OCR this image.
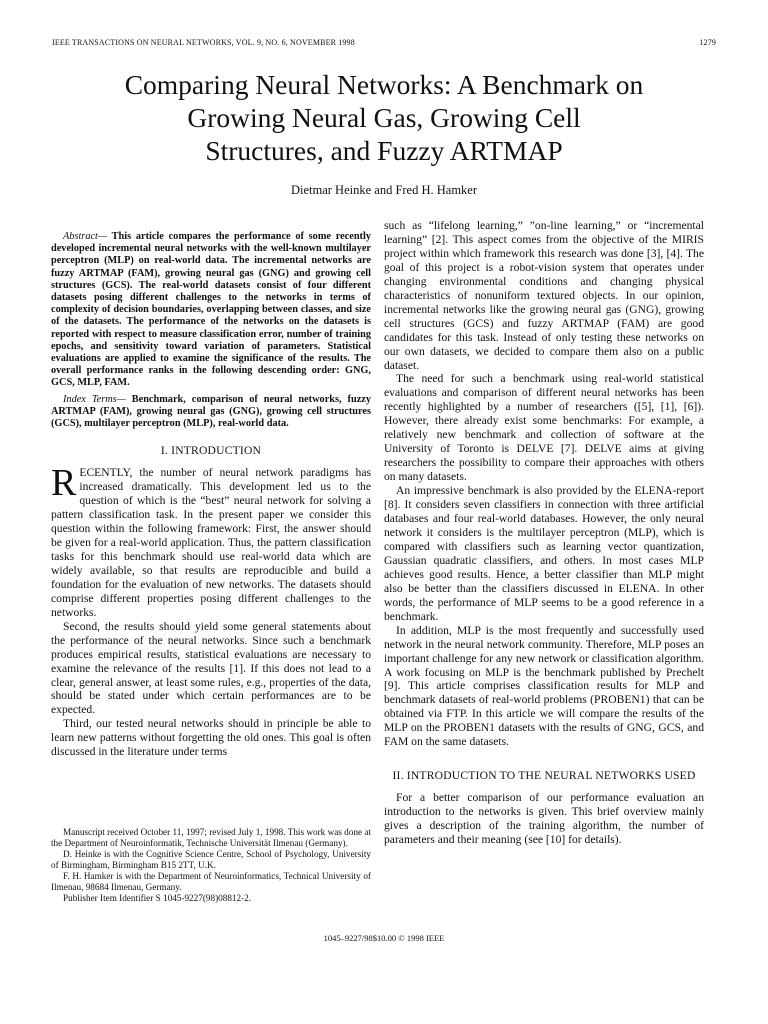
IEEE TRANSACTIONS ON NEURAL NETWORKS, VOL. 9, NO. 6, NOVEMBER 1998	1279
Comparing Neural Networks: A Benchmark on
Growing Neural Gas, Growing Cell
Structures, and Fuzzy ARTMAP
Dietmar Heinke and Fred H. Hamker

Abstract— This article compares the performance of some recently developed incremental neural networks with the well-known multilayer perceptron (MLP) on real-world data. The incremental networks are fuzzy ARTMAP (FAM), growing neural gas (GNG) and growing cell structures (GCS). The real-world datasets consist of four different datasets posing different challenges to the networks in terms of complexity of decision boundaries, overlapping between classes, and size of the datasets. The performance of the networks on the datasets is reported with respect to measure classification error, number of training epochs, and sensitivity toward variation of parameters. Statistical evaluations are applied to examine the significance of the results. The overall performance ranks in the following descending order: GNG, GCS, MLP, FAM.

Index Terms— Benchmark, comparison of neural networks, fuzzy ARTMAP (FAM), growing neural gas (GNG), growing cell structures (GCS), multilayer perceptron (MLP), real-world data.

I. INTRODUCTION

RECENTLY, the number of neural network paradigms has increased dramatically. This development led us to the question of which is the “best” neural network for solving a pattern classification task. In the present paper we consider this question within the following framework: First, the answer should be given for a real-world application. Thus, the pattern classification tasks for this benchmark should use real-world data which are widely available, so that results are reproducible and build a foundation for the evaluation of new networks. The datasets should comprise different properties posing different challenges to the networks.

Second, the results should yield some general statements about the performance of the neural networks. Since such a benchmark produces empirical results, statistical evaluations are necessary to examine the relevance of the results [1]. If this does not lead to a clear, general answer, at least some rules, e.g., properties of the data, should be stated under which certain performances are to be expected.

Third, our tested neural networks should in principle be able to learn new patterns without forgetting the old ones. This goal is often discussed in the literature under terms

such as “lifelong learning,” ”on-line learning,” or “incremental learning” [2]. This aspect comes from the objective of the MIRIS project within which framework this research was done [3], [4]. The goal of this project is a robot-vision system that operates under changing environmental conditions and changing physical characteristics of nonuniform textured objects. In our opinion, incremental networks like the growing neural gas (GNG), growing cell structures (GCS) and fuzzy ARTMAP (FAM) are good candidates for this task. Instead of only testing these networks on our own datasets, we decided to compare them also on a public dataset.

The need for such a benchmark using real-world statistical evaluations and comparison of different neural networks has been recently highlighted by a number of researchers ([5], [1], [6]). However, there already exist some benchmarks: For example, a relatively new benchmark and collection of software at the University of Toronto is DELVE [7]. DELVE aims at giving researchers the possibility to compare their approaches with others on many datasets.

An impressive benchmark is also provided by the ELENA-report [8]. It considers seven classifiers in connection with three artificial databases and four real-world databases. However, the only neural network it considers is the multilayer perceptron (MLP), which is compared with classifiers such as learning vector quantization, Gaussian quadratic classifiers, and others. In most cases MLP achieves good results. Hence, a better classifier than MLP might also be better than the classifiers discussed in ELENA. In other words, the performance of MLP seems to be a good reference in a benchmark.

In addition, MLP is the most frequently and successfully used network in the neural network community. Therefore, MLP poses an important challenge for any new network or classification algorithm. A work focusing on MLP is the benchmark published by Prechelt [9]. This article comprises classification results for MLP and benchmark datasets of real-world problems (PROBEN1) that can be obtained via FTP. In this article we will compare the results of the MLP on the PROBEN1 datasets with the results of GNG, GCS, and FAM on the same datasets.

II. INTRODUCTION TO THE NEURAL NETWORKS USED

For a better comparison of our performance evaluation an introduction to the networks is given. This brief overview mainly gives a description of the training algorithm, the number of parameters and their meaning (see [10] for details).

Manuscript received October 11, 1997; revised July 1, 1998. This work was done at the Department of Neuroinformatik, Technische Universität Ilmenau (Germany).

D. Heinke is with the Cognitive Science Centre, School of Psychology, University of Birmingham, Birmingham B15 2TT, U.K.

F. H. Hamker is with the Department of Neuroinformatics, Technical University of Ilmenau, 98684 Ilmenau, Germany.

Publisher Item Identifier S 1045-9227(98)08812-2.

1045–9227/98$10.00 © 1998 IEEE
